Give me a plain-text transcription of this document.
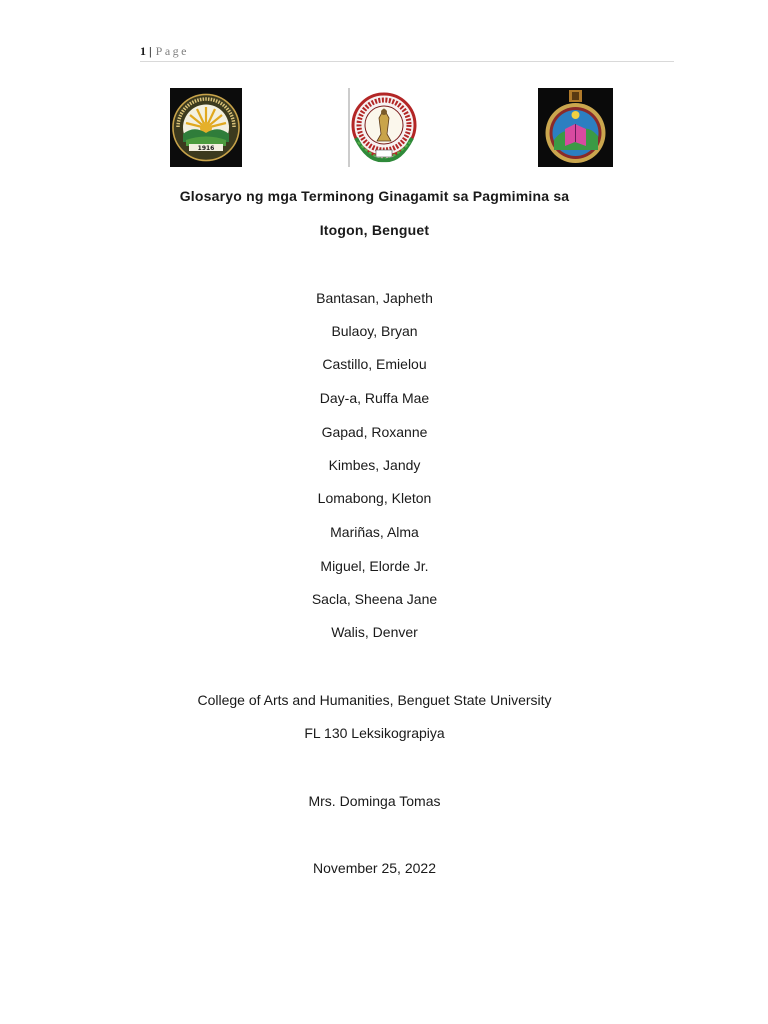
1 | Page
1916
Glosaryo ng mga Terminong Ginagamit sa Pagmimina sa
Itogon, Benguet
Bantasan, Japheth
Bulaoy, Bryan
Castillo, Emielou
Day-a, Ruffa Mae
Gapad, Roxanne
Kimbes, Jandy
Lomabong, Kleton
Mariñas, Alma
Miguel, Elorde Jr.
Sacla, Sheena Jane
Walis, Denver
College of Arts and Humanities, Benguet State University
FL 130 Leksikograpiya
Mrs. Dominga Tomas
November 25, 2022
